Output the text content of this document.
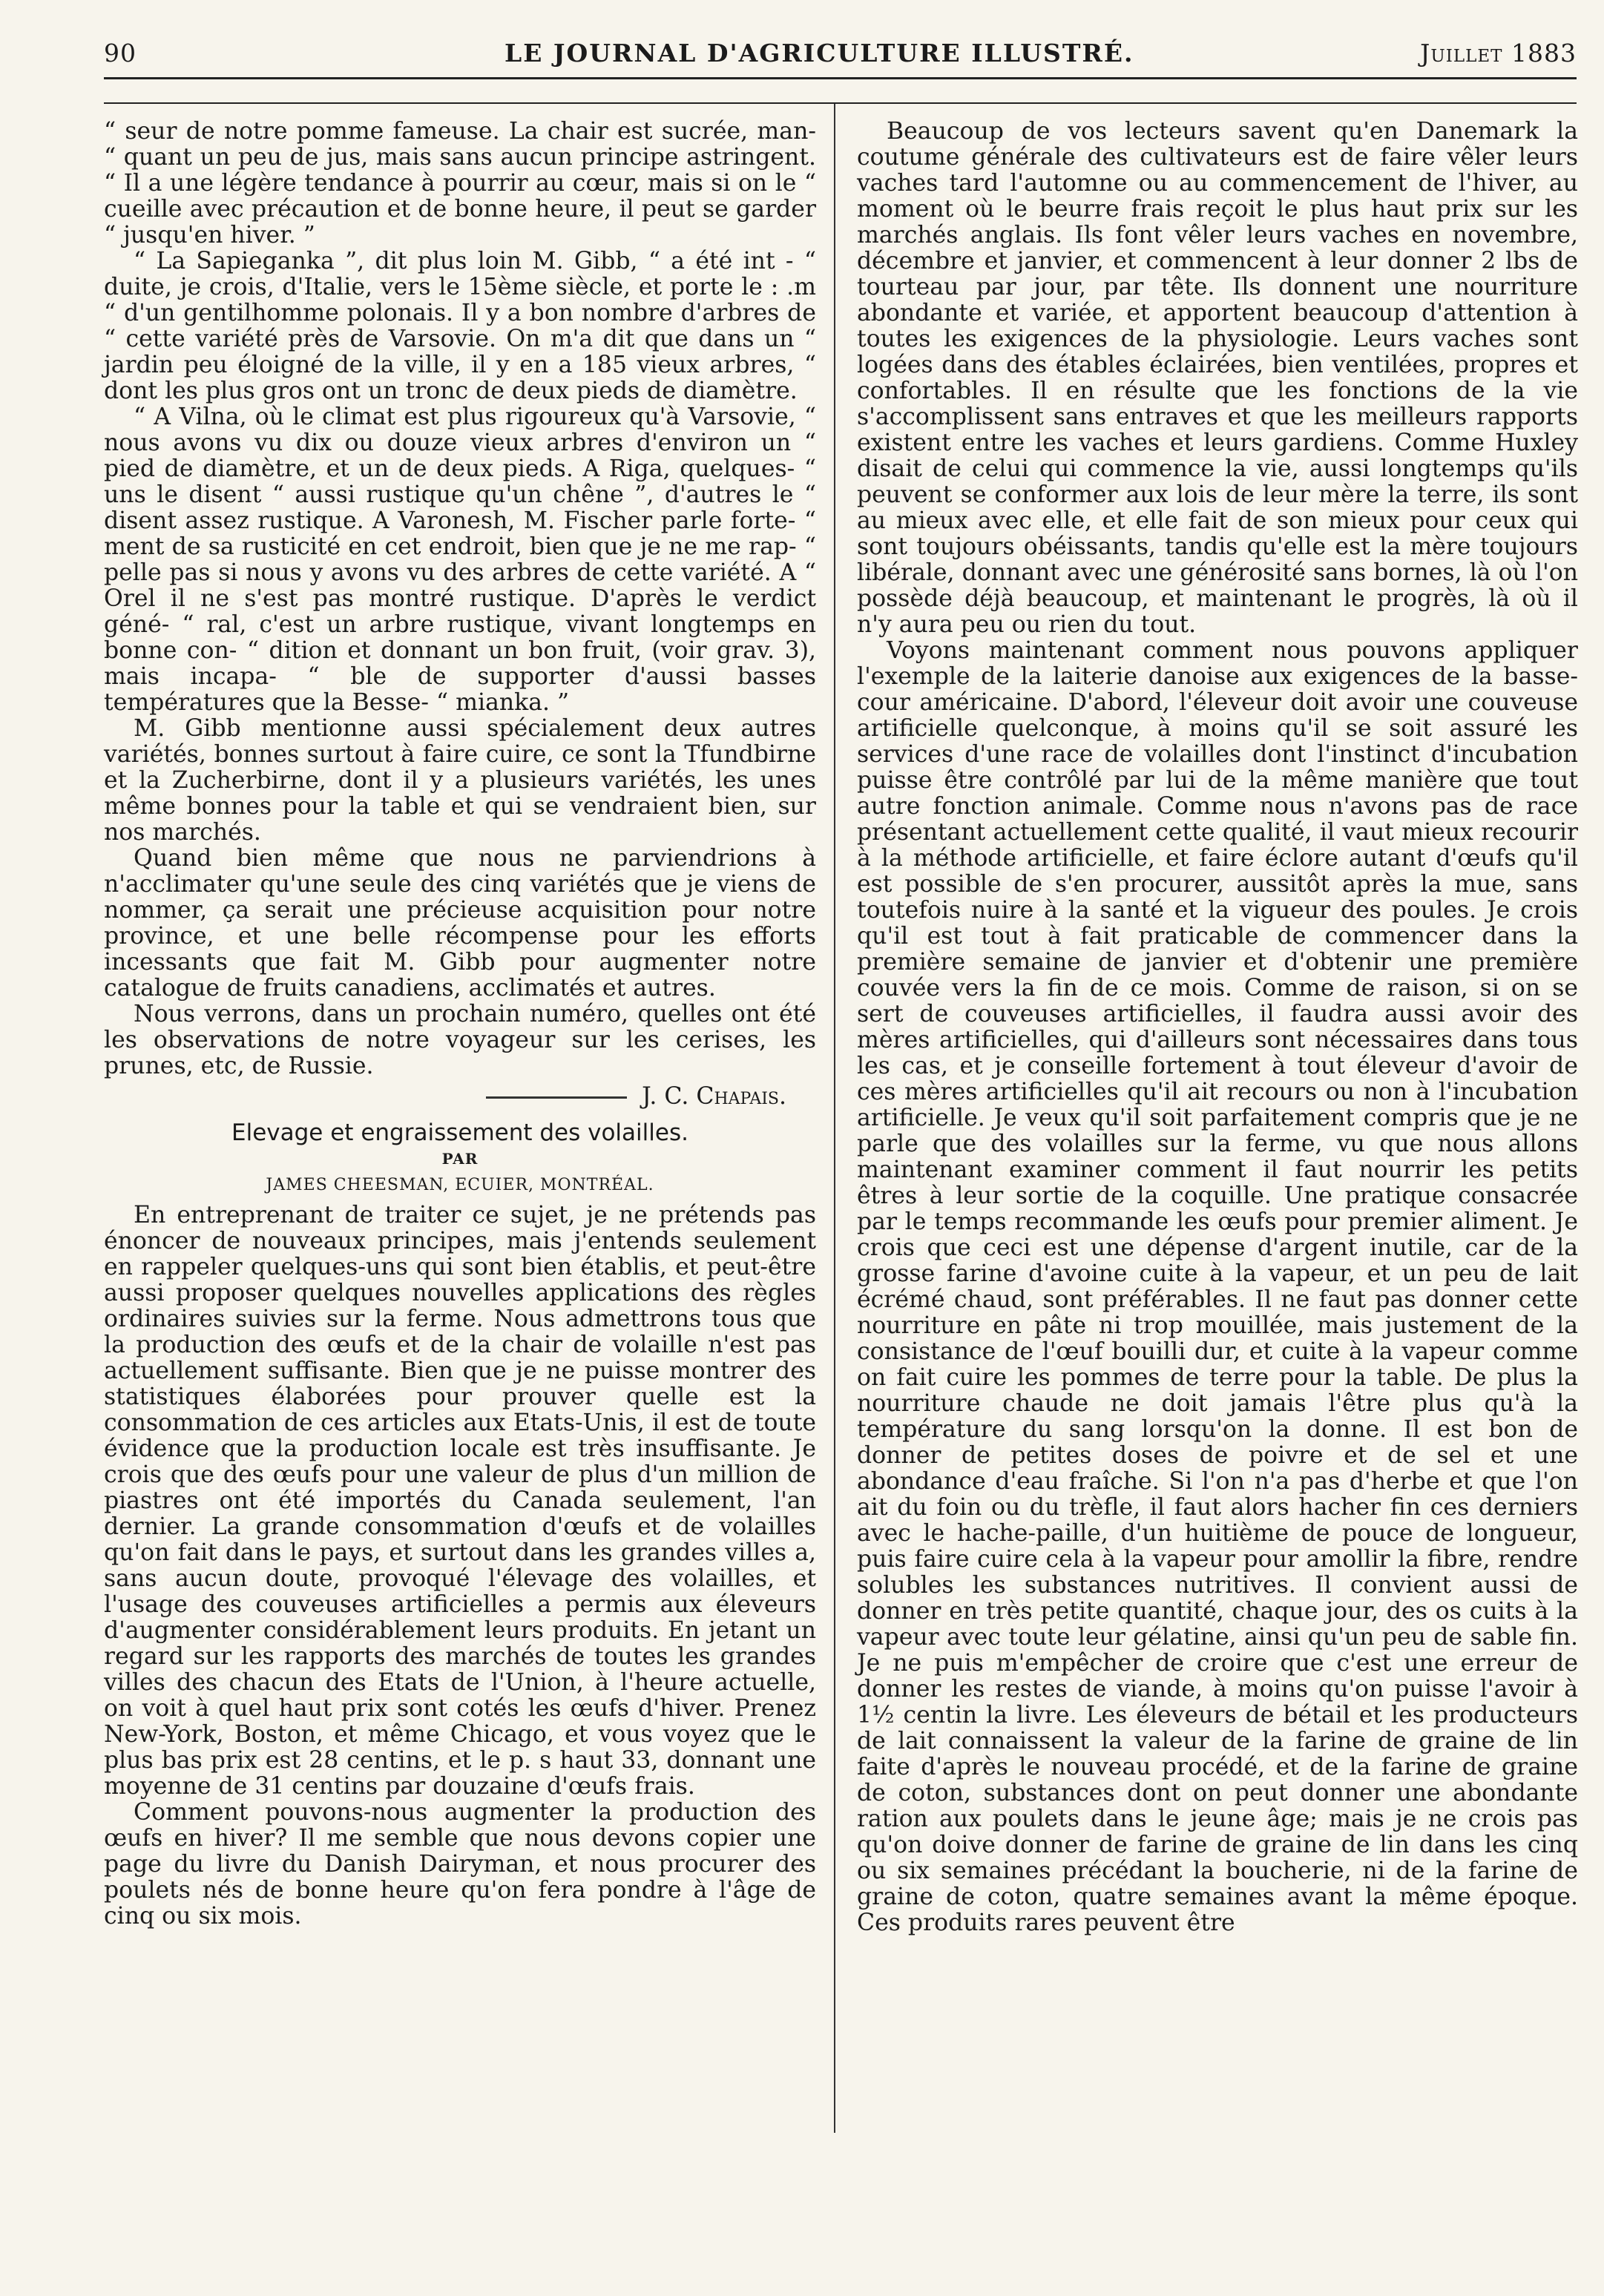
90	LE JOURNAL D'AGRICULTURE ILLUSTRÉ.	Juillet 1883

“ seur de notre pomme fameuse. La chair est sucrée, man- “ quant un peu de jus, mais sans aucun principe astringent. “ Il a une légère tendance à pourrir au cœur, mais si on le “ cueille avec précaution et de bonne heure, il peut se garder “ jusqu'en hiver. ”

“ La Sapieganka ”, dit plus loin M. Gibb, “ a été int - “ duite, je crois, d'Italie, vers le 15ème siècle, et porte le : .m “ d'un gentilhomme polonais. Il y a bon nombre d'arbres de “ cette variété près de Varsovie. On m'a dit que dans un “ jardin peu éloigné de la ville, il y en a 185 vieux arbres, “ dont les plus gros ont un tronc de deux pieds de diamètre.

“ A Vilna, où le climat est plus rigoureux qu'à Varsovie, “ nous avons vu dix ou douze vieux arbres d'environ un “ pied de diamètre, et un de deux pieds. A Riga, quelques- “ uns le disent “ aussi rustique qu'un chêne ”, d'autres le “ disent assez rustique. A Varonesh, M. Fischer parle forte- “ ment de sa rusticité en cet endroit, bien que je ne me rap- “ pelle pas si nous y avons vu des arbres de cette variété. A “ Orel il ne s'est pas montré rustique. D'après le verdict géné- “ ral, c'est un arbre rustique, vivant longtemps en bonne con- “ dition et donnant un bon fruit, (voir grav. 3), mais incapa- “ ble de supporter d'aussi basses températures que la Besse- “ mianka. ”

M. Gibb mentionne aussi spécialement deux autres variétés, bonnes surtout à faire cuire, ce sont la Tfundbirne et la Zucherbirne, dont il y a plusieurs variétés, les unes même bonnes pour la table et qui se vendraient bien, sur nos marchés.

Quand bien même que nous ne parviendrions à n'acclimater qu'une seule des cinq variétés que je viens de nommer, ça serait une précieuse acquisition pour notre province, et une belle récompense pour les efforts incessants que fait M. Gibb pour augmenter notre catalogue de fruits canadiens, acclimatés et autres.

Nous verrons, dans un prochain numéro, quelles ont été les observations de notre voyageur sur les cerises, les prunes, etc, de Russie.

J. C. Chapais.

Elevage et engraissement des volailles.

PAR

JAMES CHEESMAN, ECUIER, MONTRÉAL.

En entreprenant de traiter ce sujet, je ne prétends pas énoncer de nouveaux principes, mais j'entends seulement en rappeler quelques-uns qui sont bien établis, et peut-être aussi proposer quelques nouvelles applications des règles ordinaires suivies sur la ferme. Nous admettrons tous que la production des œufs et de la chair de volaille n'est pas actuellement suffisante. Bien que je ne puisse montrer des statistiques élaborées pour prouver quelle est la consommation de ces articles aux Etats-Unis, il est de toute évidence que la production locale est très insuffisante. Je crois que des œufs pour une valeur de plus d'un million de piastres ont été importés du Canada seulement, l'an dernier. La grande consommation d'œufs et de volailles qu'on fait dans le pays, et surtout dans les grandes villes a, sans aucun doute, provoqué l'élevage des volailles, et l'usage des couveuses artificielles a permis aux éleveurs d'augmenter considérablement leurs produits. En jetant un regard sur les rapports des marchés de toutes les grandes villes des chacun des Etats de l'Union, à l'heure actuelle, on voit à quel haut prix sont cotés les œufs d'hiver. Prenez New-York, Boston, et même Chicago, et vous voyez que le plus bas prix est 28 centins, et le p. s haut 33, donnant une moyenne de 31 centins par douzaine d'œufs frais.

Comment pouvons-nous augmenter la production des œufs en hiver? Il me semble que nous devons copier une page du livre du Danish Dairyman, et nous procurer des poulets nés de bonne heure qu'on fera pondre à l'âge de cinq ou six mois.

Beaucoup de vos lecteurs savent qu'en Danemark la coutume générale des cultivateurs est de faire vêler leurs vaches tard l'automne ou au commencement de l'hiver, au moment où le beurre frais reçoit le plus haut prix sur les marchés anglais. Ils font vêler leurs vaches en novembre, décembre et janvier, et commencent à leur donner 2 lbs de tourteau par jour, par tête. Ils donnent une nourriture abondante et variée, et apportent beaucoup d'attention à toutes les exigences de la physiologie. Leurs vaches sont logées dans des étables éclairées, bien ventilées, propres et confortables. Il en résulte que les fonctions de la vie s'accomplissent sans entraves et que les meilleurs rapports existent entre les vaches et leurs gardiens. Comme Huxley disait de celui qui commence la vie, aussi longtemps qu'ils peuvent se conformer aux lois de leur mère la terre, ils sont au mieux avec elle, et elle fait de son mieux pour ceux qui sont toujours obéissants, tandis qu'elle est la mère toujours libérale, donnant avec une générosité sans bornes, là où l'on possède déjà beaucoup, et maintenant le progrès, là où il n'y aura peu ou rien du tout.

Voyons maintenant comment nous pouvons appliquer l'exemple de la laiterie danoise aux exigences de la basse-cour américaine. D'abord, l'éleveur doit avoir une couveuse artificielle quelconque, à moins qu'il se soit assuré les services d'une race de volailles dont l'instinct d'incubation puisse être contrôlé par lui de la même manière que tout autre fonction animale. Comme nous n'avons pas de race présentant actuellement cette qualité, il vaut mieux recourir à la méthode artificielle, et faire éclore autant d'œufs qu'il est possible de s'en procurer, aussitôt après la mue, sans toutefois nuire à la santé et la vigueur des poules. Je crois qu'il est tout à fait praticable de commencer dans la première semaine de janvier et d'obtenir une première couvée vers la fin de ce mois. Comme de raison, si on se sert de couveuses artificielles, il faudra aussi avoir des mères artificielles, qui d'ailleurs sont nécessaires dans tous les cas, et je conseille fortement à tout éleveur d'avoir de ces mères artificielles qu'il ait recours ou non à l'incubation artificielle. Je veux qu'il soit parfaitement compris que je ne parle que des volailles sur la ferme, vu que nous allons maintenant examiner comment il faut nourrir les petits êtres à leur sortie de la coquille. Une pratique consacrée par le temps recommande les œufs pour premier aliment. Je crois que ceci est une dépense d'argent inutile, car de la grosse farine d'avoine cuite à la vapeur, et un peu de lait écrémé chaud, sont préférables. Il ne faut pas donner cette nourriture en pâte ni trop mouillée, mais justement de la consistance de l'œuf bouilli dur, et cuite à la vapeur comme on fait cuire les pommes de terre pour la table. De plus la nourriture chaude ne doit jamais l'être plus qu'à la température du sang lorsqu'on la donne. Il est bon de donner de petites doses de poivre et de sel et une abondance d'eau fraîche. Si l'on n'a pas d'herbe et que l'on ait du foin ou du trèfle, il faut alors hacher fin ces derniers avec le hache-paille, d'un huitième de pouce de longueur, puis faire cuire cela à la vapeur pour amollir la fibre, rendre solubles les substances nutritives. Il convient aussi de donner en très petite quantité, chaque jour, des os cuits à la vapeur avec toute leur gélatine, ainsi qu'un peu de sable fin. Je ne puis m'empêcher de croire que c'est une erreur de donner les restes de viande, à moins qu'on puisse l'avoir à 1½ centin la livre. Les éleveurs de bétail et les producteurs de lait connaissent la valeur de la farine de graine de lin faite d'après le nouveau procédé, et de la farine de graine de coton, substances dont on peut donner une abondante ration aux poulets dans le jeune âge; mais je ne crois pas qu'on doive donner de farine de graine de lin dans les cinq ou six semaines précédant la boucherie, ni de la farine de graine de coton, quatre semaines avant la même époque. Ces produits rares peuvent être
